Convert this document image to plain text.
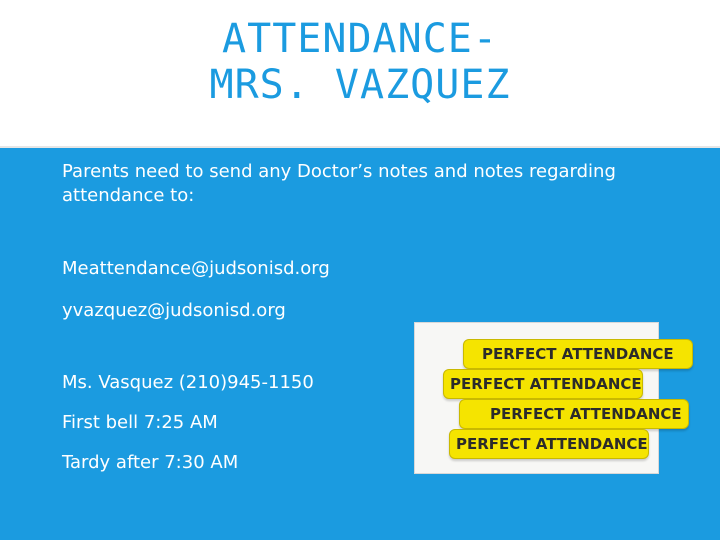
ATTENDANCE-
MRS. VAZQUEZ
Parents need to send any Doctor’s notes and notes regarding attendance to:
Meattendance@judsonisd.org
yvazquez@judsonisd.org
Ms. Vasquez (210)945-1150
First bell 7:25 AM
Tardy after 7:30 AM
PERFECT ATTENDANCE
PERFECT ATTENDANCE
PERFECT ATTENDANCE
PERFECT ATTENDANCE
